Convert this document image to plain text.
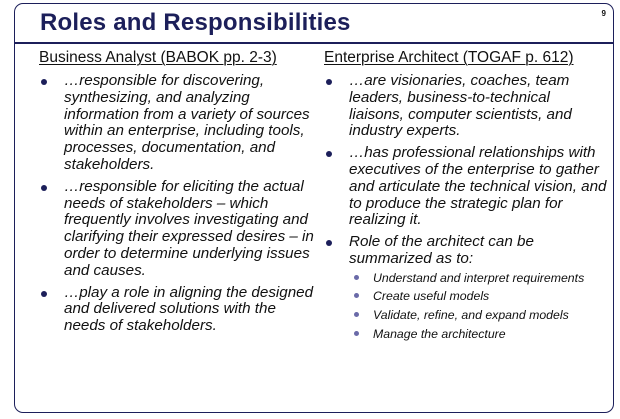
Roles and Responsibilities	9
Business Analyst (BABOK pp. 2-3)
…responsible for discovering, synthesizing, and analyzing information from a variety of sources within an enterprise, including tools, processes, documentation, and stakeholders.
…responsible for eliciting the actual needs of stakeholders – which frequently involves investigating and clarifying their expressed desires – in order to determine underlying issues and causes.
…play a role in aligning the designed and delivered solutions with the needs of stakeholders.
Enterprise Architect (TOGAF p. 612)
…are visionaries, coaches, team leaders, business-to-technical liaisons, computer scientists, and industry experts.
…has professional relationships with executives of the enterprise to gather and articulate the technical vision, and to produce the strategic plan for realizing it.
Role of the architect can be summarized as to:
Understand and interpret requirements
Create useful models
Validate, refine, and expand models
Manage the architecture
